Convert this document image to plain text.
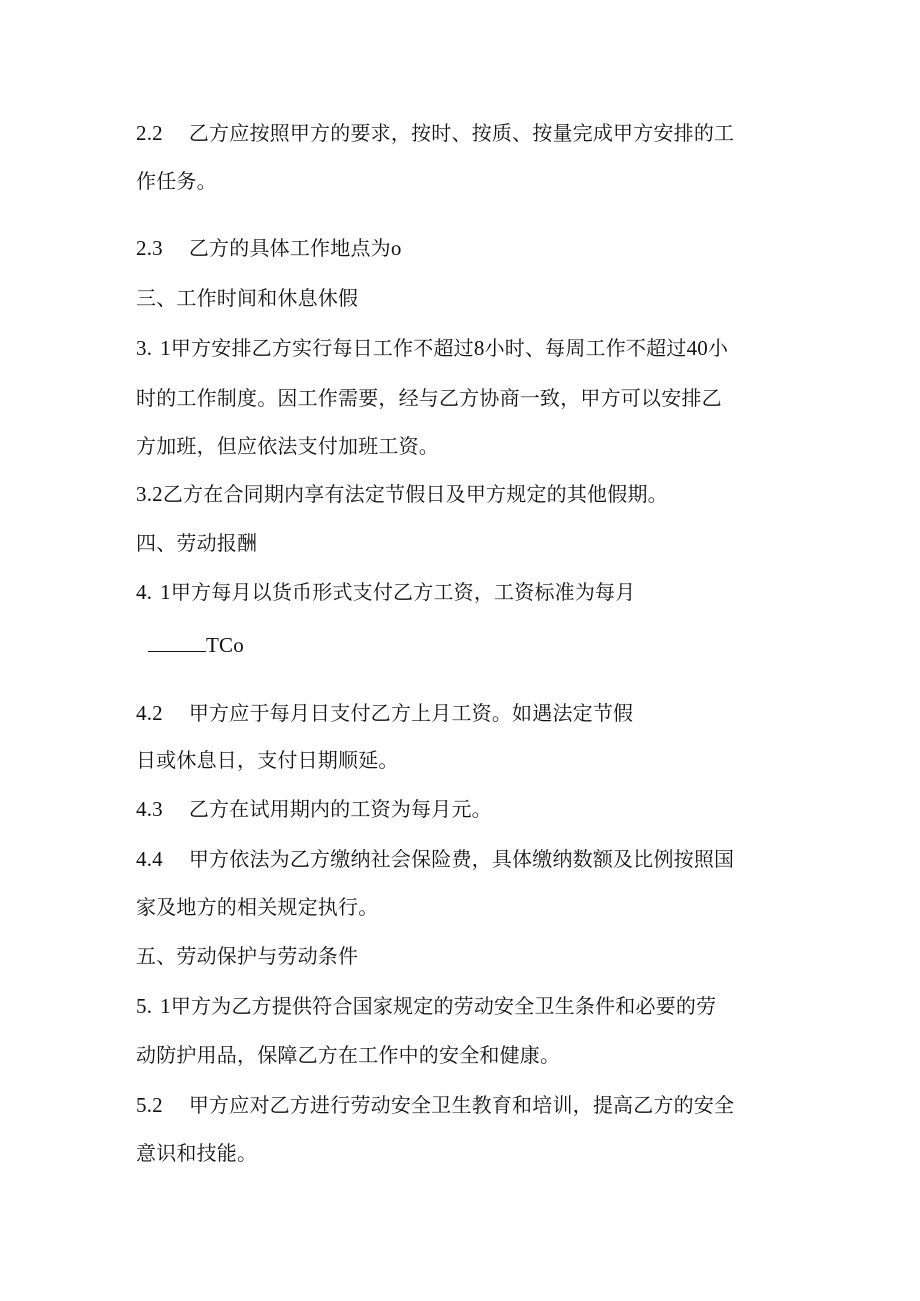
2.2 乙方应按照甲方的要求，按时、按质、按量完成甲方安排的工
作任务。
2.3 乙方的具体工作地点为o
三、工作时间和休息休假
3. 1甲方安排乙方实行每日工作不超过8小时、每周工作不超过40小
时的工作制度。因工作需要，经与乙方协商一致，甲方可以安排乙
方加班，但应依法支付加班工资。
3.2乙方在合同期内享有法定节假日及甲方规定的其他假期。
四、劳动报酬
4. 1甲方每月以货币形式支付乙方工资，工资标准为每月
TCo
4.2 甲方应于每月日支付乙方上月工资。如遇法定节假
日或休息日，支付日期顺延。
4.3 乙方在试用期内的工资为每月元。
4.4 甲方依法为乙方缴纳社会保险费，具体缴纳数额及比例按照国
家及地方的相关规定执行。
五、劳动保护与劳动条件
5. 1甲方为乙方提供符合国家规定的劳动安全卫生条件和必要的劳
动防护用品，保障乙方在工作中的安全和健康。
5.2 甲方应对乙方进行劳动安全卫生教育和培训，提高乙方的安全
意识和技能。
